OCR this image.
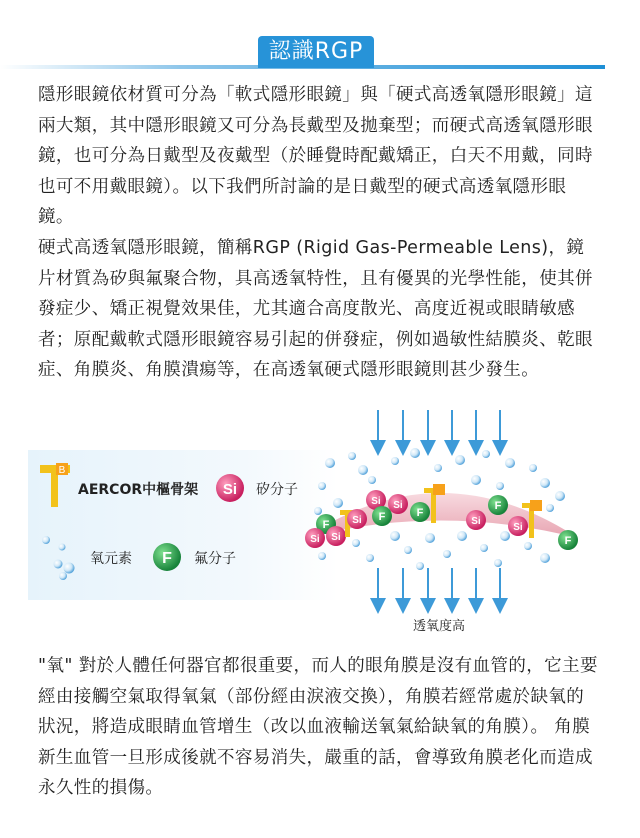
認識RGP

隱形眼鏡依材質可分為「軟式隱形眼鏡」與「硬式高透氧隱形眼鏡」這兩大類，其中隱形眼鏡又可分為長戴型及拋棄型；而硬式高透氧隱形眼鏡，也可分為日戴型及夜戴型（於睡覺時配戴矯正，白天不用戴，同時也可不用戴眼鏡）。以下我們所討論的是日戴型的硬式高透氧隱形眼鏡。

硬式高透氧隱形眼鏡，簡稱RGP (Rigid Gas-Permeable Lens)，鏡片材質為矽與氟聚合物，具高透氧特性，且有優異的光學性能，使其併發症少、矯正視覺效果佳，尤其適合高度散光、高度近視或眼睛敏感者；原配戴軟式隱形眼鏡容易引起的併發症，例如過敏性結膜炎、乾眼症、角膜炎、角膜潰瘍等，在高透氧硬式隱形眼鏡則甚少發生。

B
Si
F
F
Si Si
Si
Si Si
F	F
F
Si
Si
F
AERCOR中樞骨架	矽分子
氧元素	氟分子
透氧度高

"氧" 對於人體任何器官都很重要，而人的眼角膜是沒有血管的，它主要經由接觸空氣取得氧氣（部份經由淚液交換），角膜若經常處於缺氧的狀況，將造成眼睛血管增生（改以血液輸送氧氣給缺氧的角膜）。 角膜新生血管一旦形成後就不容易消失，嚴重的話，會導致角膜老化而造成永久性的損傷。
